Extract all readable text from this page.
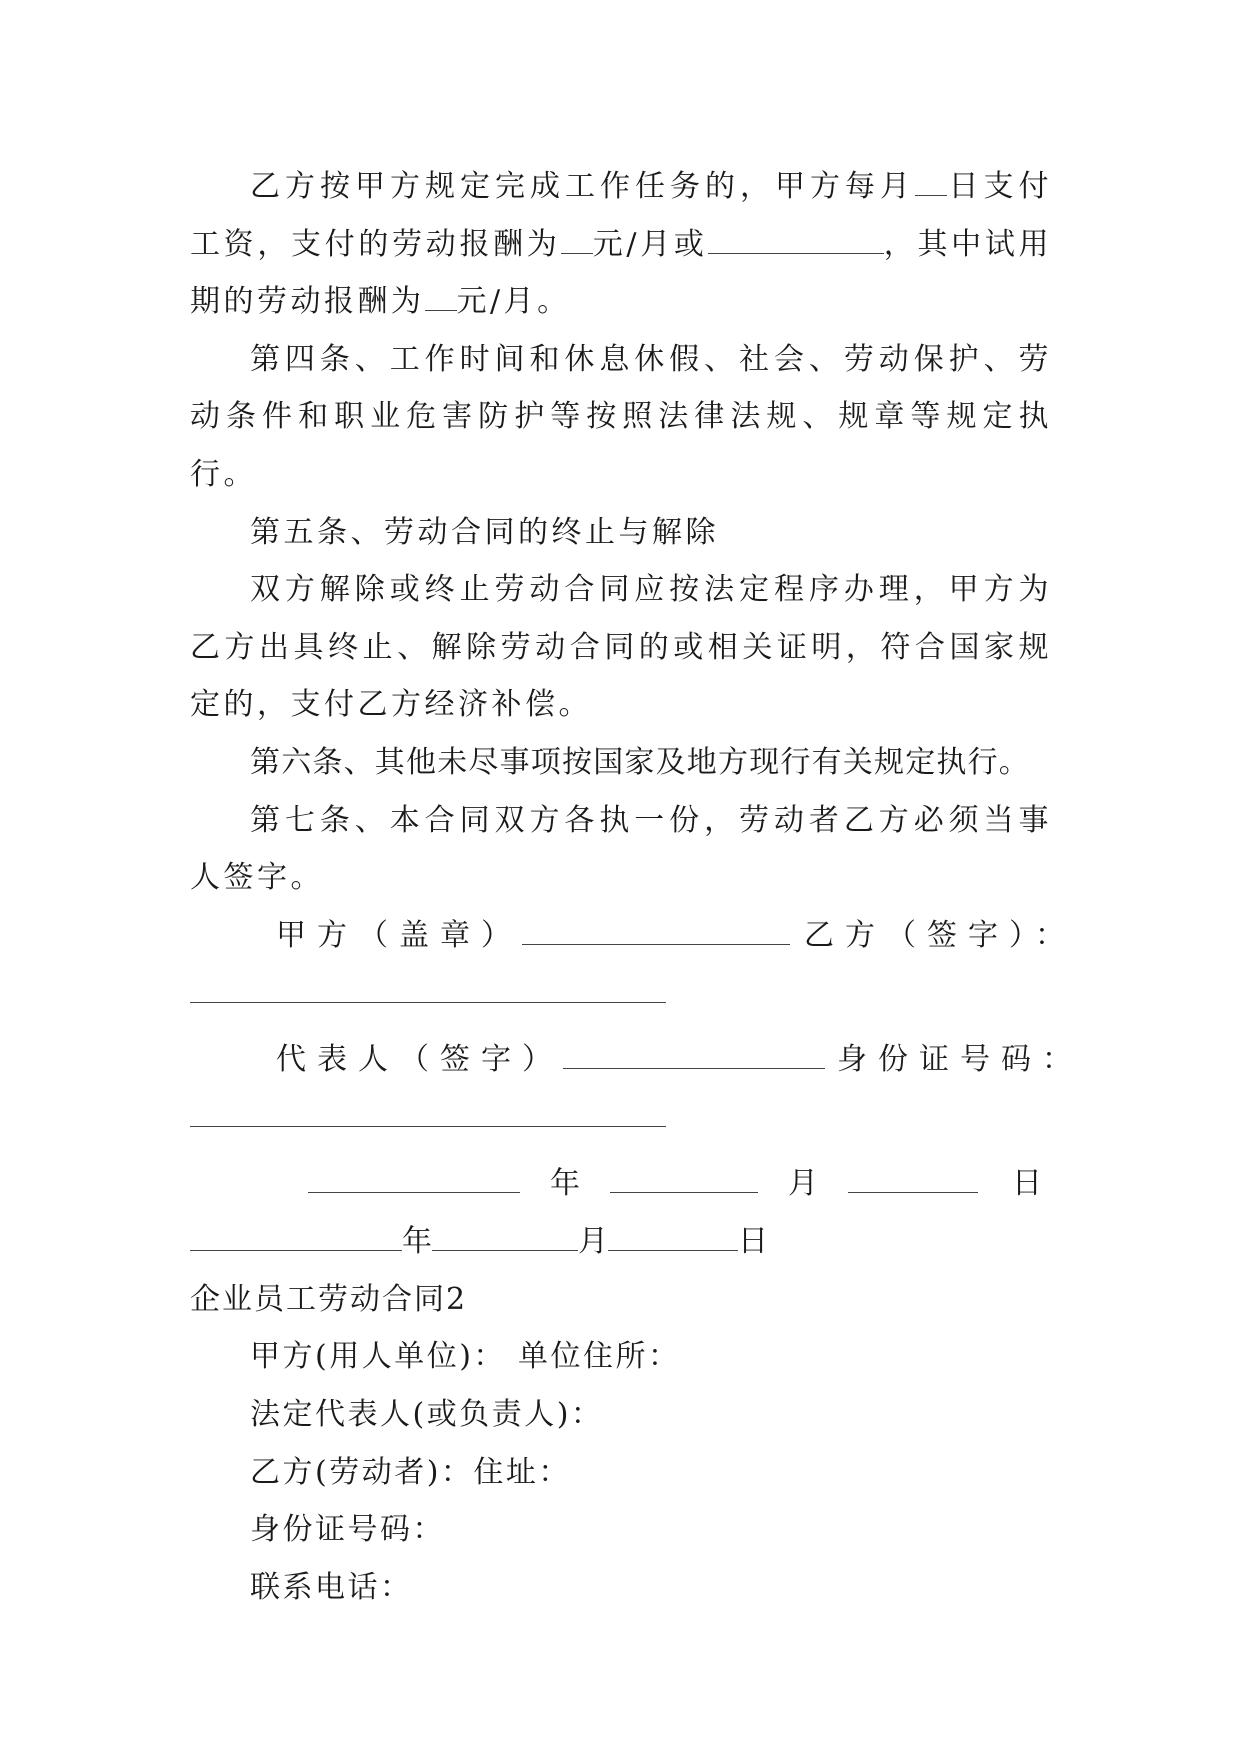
乙方按甲方规定完成工作任务的，甲方每月 日支付工资，支付的劳动报酬为 元/月或	，其中试用期的劳动报酬为 元/月。

第四条、工作时间和休息休假、社会、劳动保护、劳动条件和职业危害防护等按照法律法规、规章等规定执行。

第五条、劳动合同的终止与解除

双方解除或终止劳动合同应按法定程序办理，甲方为乙方出具终止、解除劳动合同的或相关证明，符合国家规定的，支付乙方经济补偿。

第六条、其他未尽事项按国家及地方现行有关规定执行。

第七条、本合同双方各执一份，劳动者乙方必须当事人签字。

甲方（盖章）	乙方（签字）：

代表人（签字）	身份证号码：

年	月	日

年	月	日

企业员工劳动合同2

甲方(用人单位)： 单位住所：

法定代表人(或负责人)：

乙方(劳动者)：住址：

身份证号码：

联系电话：
